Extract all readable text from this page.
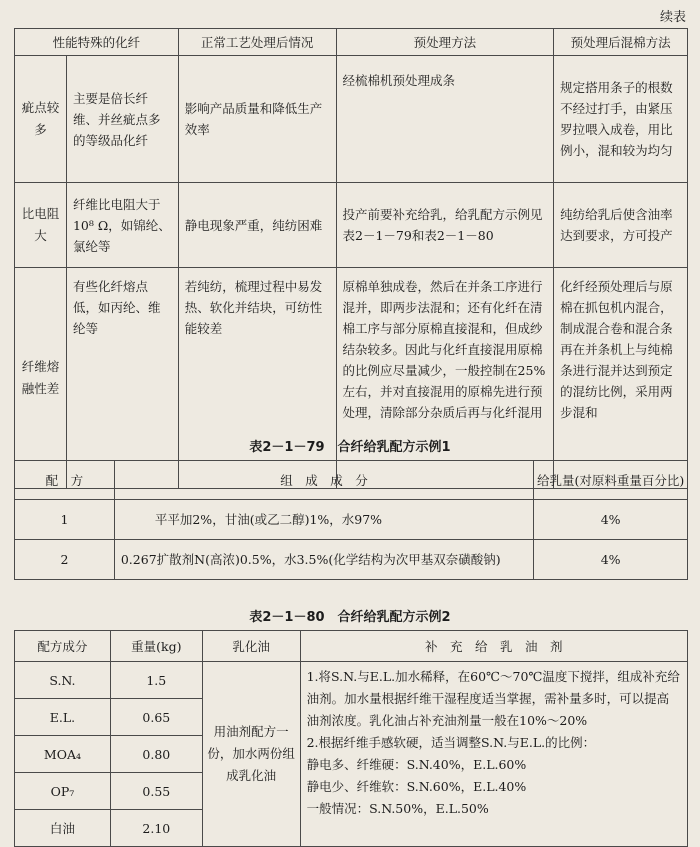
续表
性能特殊的化纤		正常工艺处理后情况	预处理方法	预处理后混棉方法
疵点较多	主要是倍长纤维、并丝疵点多的等级品化纤	影响产品质量和降低生产效率	经梳棉机预处理成条	规定搭用条子的根数不经过打手，由紧压罗拉喂入成卷，用比例小，混和较为均匀
比电阻大	纤维比电阻大于10⁸ Ω，如锦纶、氯纶等	静电现象严重，纯纺困难	投产前要补充给乳，给乳配方示例见表2－1－79和表2－1－80	纯纺给乳后使含油率达到要求，方可投产
纤维熔融性差	有些化纤熔点低，如丙纶、维纶等	若纯纺，梳理过程中易发热、软化并结块，可纺性能较差	原棉单独成卷，然后在并条工序进行混并，即两步法混和；还有化纤在清棉工序与部分原棉直接混和，但成纱结杂较多。因此与化纤直接混用原棉的比例应尽量减少，一般控制在25%左右，并对直接混用的原棉先进行预处理，清除部分杂质后再与化纤混用	化纤经预处理后与原棉在抓包机内混合，制成混合卷和混合条再在并条机上与纯棉条进行混并达到预定的混纺比例，采用两步混和
表2－1－79　合纤给乳配方示例1
配　方	组　成　成　分	给乳量(对原料重量百分比)
1	平平加2%，甘油(或乙二醇)1%，水97%	4%
2	0.267扩散剂N(高浓)0.5%，水3.5%(化学结构为次甲基双奈磺酸钠)	4%
表2－1－80　合纤给乳配方示例2
配方成分	重量(kg)	乳化油	补　充　给　乳　油　剂
S.N.	1.5	用油剂配方一份，加水两份组成乳化油	1.将S.N.与E.L.加水稀释，在60℃～70℃温度下搅拌，组成补充给油剂。加水量根据纤维干湿程度适当掌握，需补量多时，可以提高油剂浓度。乳化油占补充油剂量一般在10%～20%
2.根据纤维手感软硬，适当调整S.N.与E.L.的比例：
静电多、纤维硬：S.N.40%，E.L.60%
静电少、纤维软：S.N.60%，E.L.40%
一般情况：S.N.50%，E.L.50%

E.L.	0.65		
MOA₄	0.80		
OP₇	0.55		
白油	2.10		
